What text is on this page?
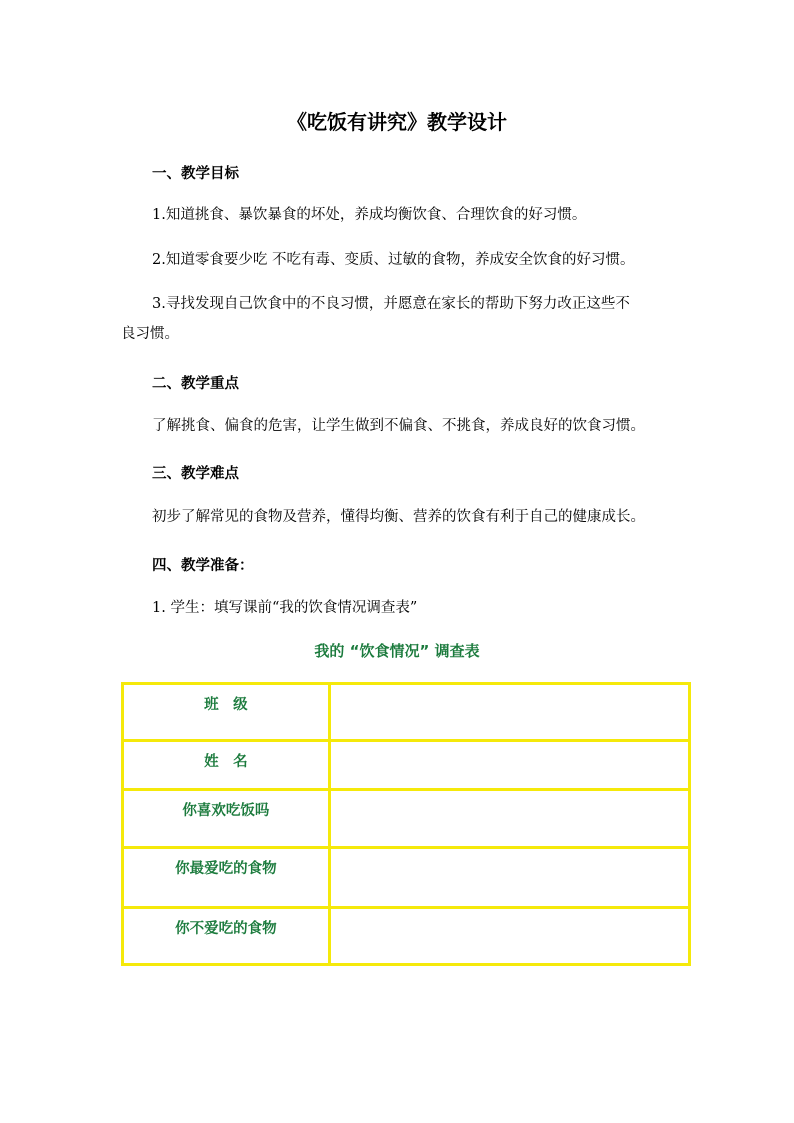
《吃饭有讲究》教学设计
一、教学目标
1.知道挑食、暴饮暴食的坏处，养成均衡饮食、合理饮食的好习惯。
2.知道零食要少吃 不吃有毒、变质、过敏的食物，养成安全饮食的好习惯。
3.寻找发现自己饮食中的不良习惯，并愿意在家长的帮助下努力改正这些不
良习惯。
二、教学重点
了解挑食、偏食的危害，让学生做到不偏食、不挑食，养成良好的饮食习惯。
三、教学难点
初步了解常见的食物及营养，懂得均衡、营养的饮食有利于自己的健康成长。
四、教学准备：
1. 学生：填写课前“我的饮食情况调查表”
我的 “饮食情况” 调查表
班　级	
姓　名	
你喜欢吃饭吗	
你最爱吃的食物	
你不爱吃的食物	
